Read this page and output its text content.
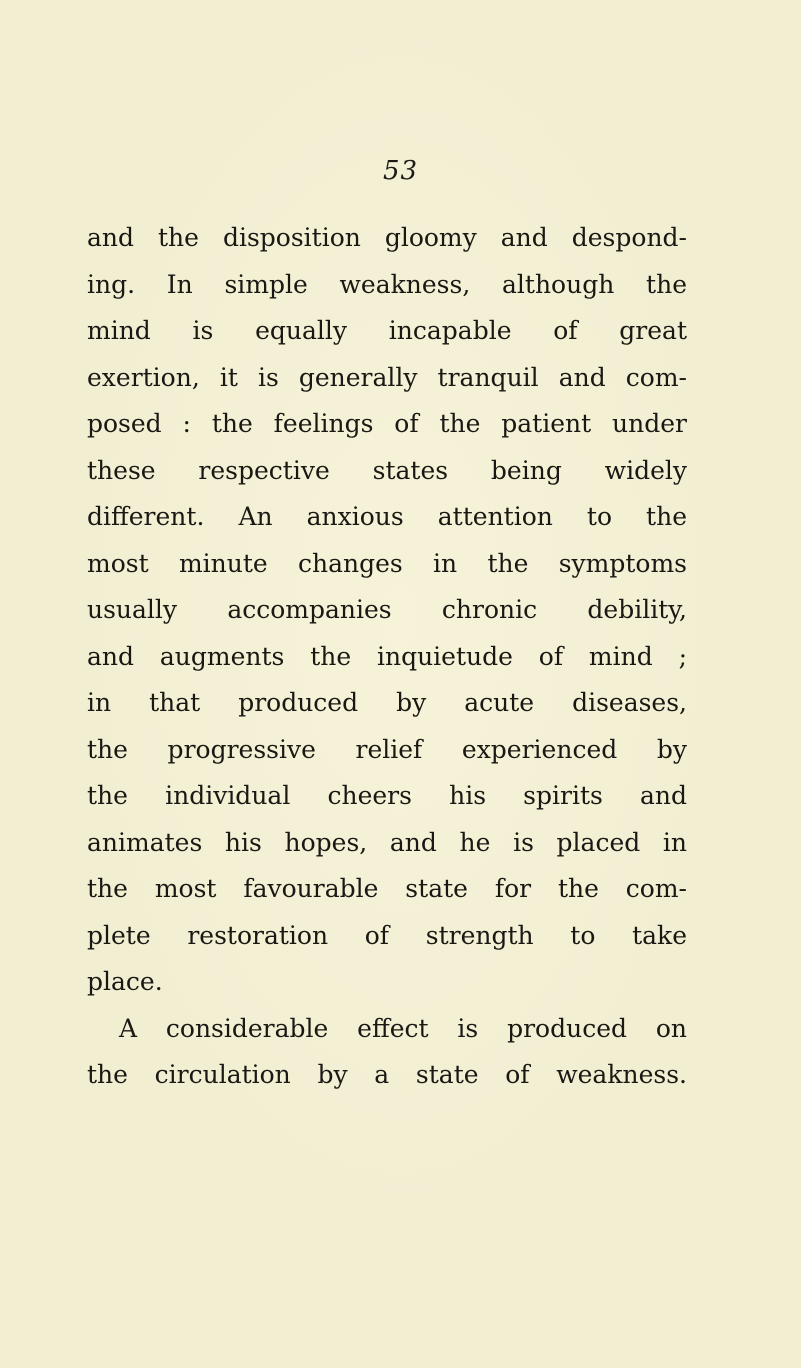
53
and the disposition gloomy and despond-
ing. In simple weakness, although the
mind is equally incapable of great
exertion, it is generally tranquil and com-
posed : the feelings of the patient under
these respective states being widely
different. An anxious attention to the
most minute changes in the symptoms
usually accompanies chronic debility,
and augments the inquietude of mind ;
in that produced by acute diseases,
the progressive relief experienced by
the individual cheers his spirits and
animates his hopes, and he is placed in
the most favourable state for the com-
plete restoration of strength to take
place.
A considerable effect is produced on
the circulation by a state of weakness.
